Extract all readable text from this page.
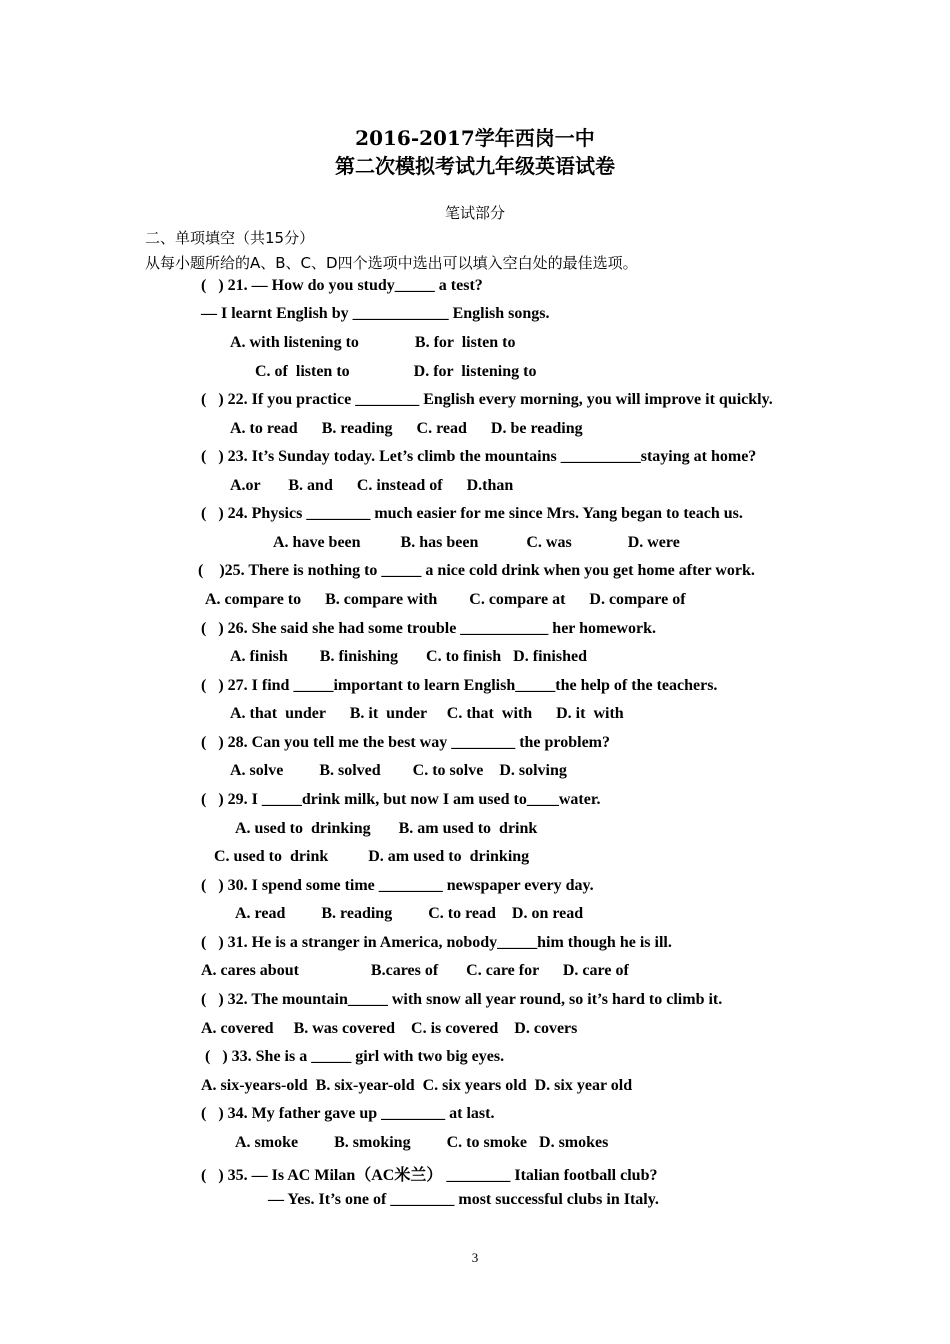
2016-2017学年西岗一中
第二次模拟考试九年级英语试卷
笔试部分
二、单项填空（共15分）
从每小题所给的A、B、C、D四个选项中选出可以填入空白处的最佳选项。
(   ) 21. — How do you study_____ a test?
— I learnt English by ____________ English songs.
A. with listening to              B. for  listen to
C. of  listen to                D. for  listening to
(   ) 22. If you practice ________ English every morning, you will improve it quickly.
A. to read      B. reading      C. read      D. be reading
(   ) 23. It’s Sunday today. Let’s climb the mountains __________staying at home?
A.or       B. and      C. instead of      D.than
(   ) 24. Physics ________ much easier for me since Mrs. Yang began to teach us.
A. have been          B. has been            C. was              D. were
(    )25. There is nothing to _____ a nice cold drink when you get home after work.
A. compare to      B. compare with        C. compare at      D. compare of
(   ) 26. She said she had some trouble ___________ her homework.
A. finish        B. finishing       C. to finish   D. finished
(   ) 27. I find _____important to learn English_____the help of the teachers.
A. that  under      B. it  under     C. that  with      D. it  with
(   ) 28. Can you tell me the best way ________ the problem?
A. solve         B. solved        C. to solve    D. solving
(   ) 29. I _____drink milk, but now I am used to____water.
A. used to  drinking       B. am used to  drink
C. used to  drink          D. am used to  drinking
(   ) 30. I spend some time ________ newspaper every day.
A. read         B. reading         C. to read    D. on read
(   ) 31. He is a stranger in America, nobody_____him though he is ill.
A. cares about                  B.cares of       C. care for      D. care of
(   ) 32. The mountain_____ with snow all year round, so it’s hard to climb it.
A. covered     B. was covered    C. is covered    D. covers
(   ) 33. She is a _____ girl with two big eyes.
A. six-years-old  B. six-year-old  C. six years old  D. six year old
(   ) 34. My father gave up ________ at last.
A. smoke         B. smoking         C. to smoke   D. smokes
(   ) 35. — Is AC Milan（AC米兰） ________ Italian football club?
— Yes. It’s one of ________ most successful clubs in Italy.
3
